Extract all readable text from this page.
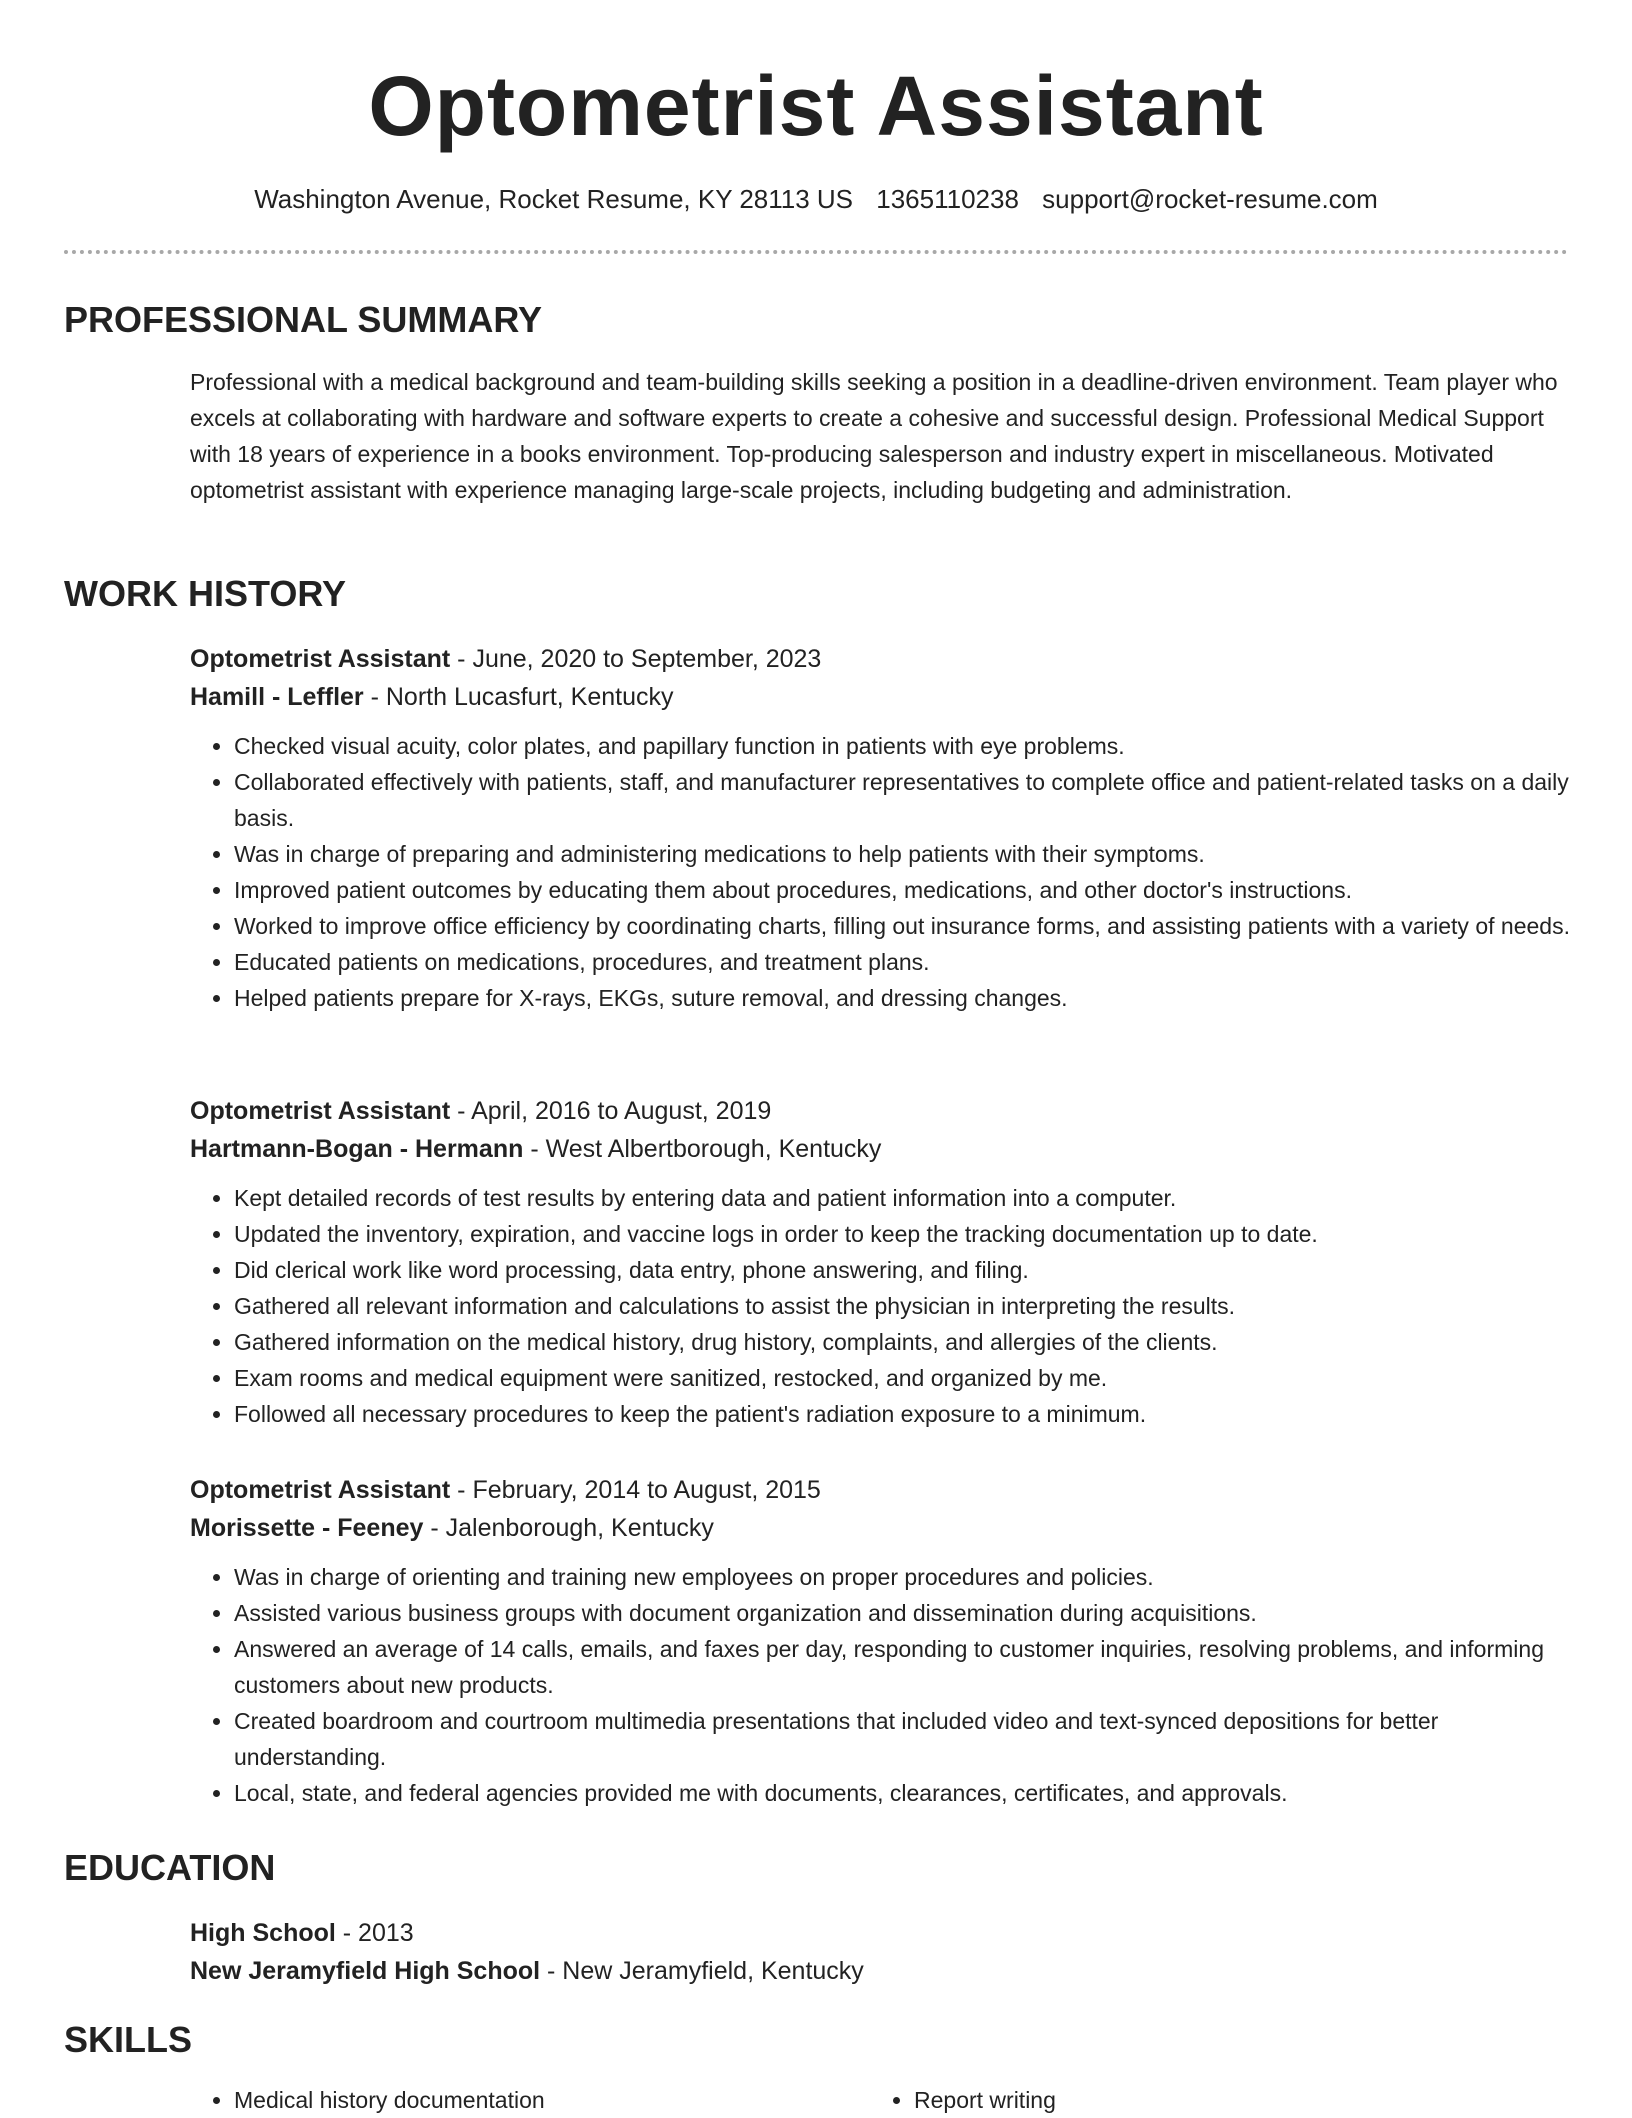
Optometrist Assistant
Washington Avenue, Rocket Resume, KY 28113 US 1365110238 support@rocket-resume.com
PROFESSIONAL SUMMARY

Professional with a medical background and team-building skills seeking a position in a deadline-driven environment. Team player who excels at collaborating with hardware and software experts to create a cohesive and successful design. Professional Medical Support with 18 years of experience in a books environment. Top-producing salesperson and industry expert in miscellaneous. Motivated optometrist assistant with experience managing large-scale projects, including budgeting and administration.

WORK HISTORY

Optometrist Assistant - June, 2020 to September, 2023

Hamill - Leffler - North Lucasfurt, Kentucky

• Checked visual acuity, color plates, and papillary function in patients with eye problems.
• Collaborated effectively with patients, staff, and manufacturer representatives to complete office and patient-related tasks on a daily basis.
• Was in charge of preparing and administering medications to help patients with their symptoms.
• Improved patient outcomes by educating them about procedures, medications, and other doctor's instructions.
• Worked to improve office efficiency by coordinating charts, filling out insurance forms, and assisting patients with a variety of needs.
• Educated patients on medications, procedures, and treatment plans.
• Helped patients prepare for X-rays, EKGs, suture removal, and dressing changes.

Optometrist Assistant - April, 2016 to August, 2019

Hartmann-Bogan - Hermann - West Albertborough, Kentucky

• Kept detailed records of test results by entering data and patient information into a computer.
• Updated the inventory, expiration, and vaccine logs in order to keep the tracking documentation up to date.
• Did clerical work like word processing, data entry, phone answering, and filing.
• Gathered all relevant information and calculations to assist the physician in interpreting the results.
• Gathered information on the medical history, drug history, complaints, and allergies of the clients.
• Exam rooms and medical equipment were sanitized, restocked, and organized by me.
• Followed all necessary procedures to keep the patient's radiation exposure to a minimum.

Optometrist Assistant - February, 2014 to August, 2015

Morissette - Feeney - Jalenborough, Kentucky

• Was in charge of orienting and training new employees on proper procedures and policies.
• Assisted various business groups with document organization and dissemination during acquisitions.
• Answered an average of 14 calls, emails, and faxes per day, responding to customer inquiries, resolving problems, and informing customers about new products.
• Created boardroom and courtroom multimedia presentations that included video and text-synced depositions for better understanding.
• Local, state, and federal agencies provided me with documents, clearances, certificates, and approvals.
EDUCATION

High School - 2013

New Jeramyfield High School - New Jeramyfield, Kentucky

SKILLS
• Medical history documentation
•	Report writing
